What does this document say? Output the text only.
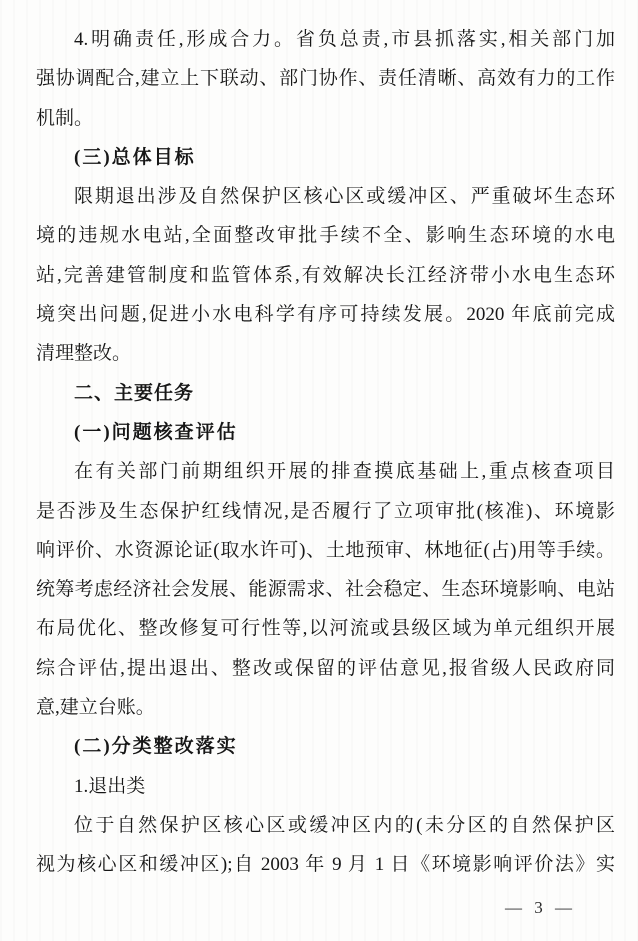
4.明确责任,形成合力。省负总责,市县抓落实,相关部门加
强协调配合,建立上下联动、部门协作、责任清晰、高效有力的工作
机制。
(三)总体目标
限期退出涉及自然保护区核心区或缓冲区、严重破坏生态环
境的违规水电站,全面整改审批手续不全、影响生态环境的水电
站,完善建管制度和监管体系,有效解决长江经济带小水电生态环
境突出问题,促进小水电科学有序可持续发展。2020 年底前完成
清理整改。
二、主要任务
(一)问题核查评估
在有关部门前期组织开展的排查摸底基础上,重点核查项目
是否涉及生态保护红线情况,是否履行了立项审批(核准)、环境影
响评价、水资源论证(取水许可)、土地预审、林地征(占)用等手续。
统筹考虑经济社会发展、能源需求、社会稳定、生态环境影响、电站
布局优化、整改修复可行性等,以河流或县级区域为单元组织开展
综合评估,提出退出、整改或保留的评估意见,报省级人民政府同
意,建立台账。
(二)分类整改落实
1.退出类
位于自然保护区核心区或缓冲区内的(未分区的自然保护区
视为核心区和缓冲区);自 2003 年 9 月 1 日《环境影响评价法》实
— 3 —
